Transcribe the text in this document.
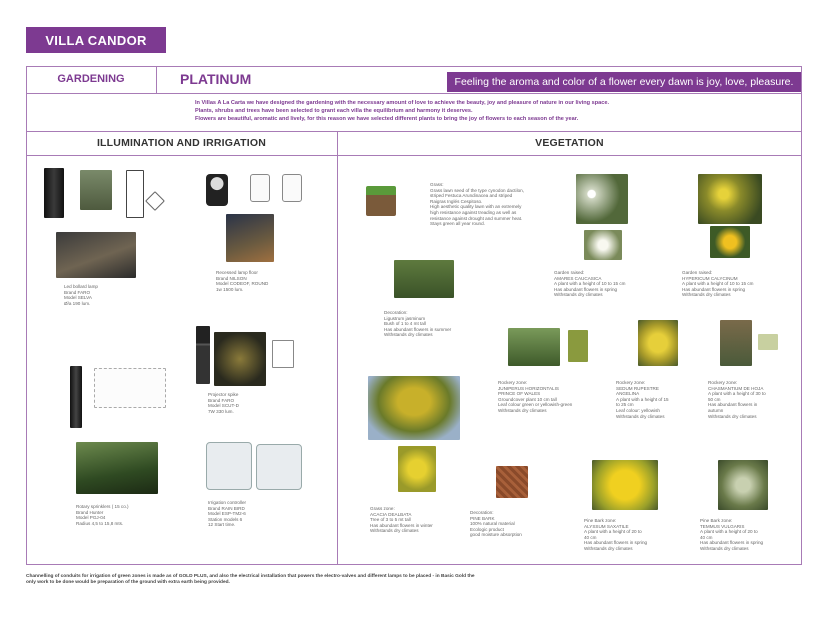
VILLA CANDOR
GARDENING	PLATINUM	Feeling the aroma and color of a flower every dawn is joy, love, pleasure.
In Villas A La Carta we have designed the gardening with the necessary amount of love to achieve the beauty, joy and pleasure of nature in our living space.
Plants, shrubs and trees have been selected to grant each villa the equilibrium and harmony it deserves.
Flowers are beautiful, aromatic and lively, for this reason we have selected different plants to bring the joy of flowers to each season of the year.
ILLUMINATION AND IRRIGATION	VEGETATION
Led bollard lamp
Brand FARO
Model SELVA
Ø/a 190 lum.
Recessed lamp floor
Brand NILSON
Model CODEOF, ROUND
1w 1500 lum.
Projector spike
Brand FARO
Model SCUT-D
7W 330 lum.
Rotary sprinklers ( 15 co.)
Brand Hunter
Model PGJ-04
Radius 4,5 to 15,8 mts.
Irrigation controller
Brand RAIN BIRD
Model ESP-TM2-6
Station models 6
12 Start time.
Grass:
Grass lawn seed of the type cynodon dactilon,
striped Festuca Arundinacea and striped
Raigras Inglés Cespitoso.
High aesthetic quality lawn with an extremely
high resistance against treading as well as
resistance against drought and summer heat.
Stays green all year round.
Decoration:
Ligustrum jasminum
Bush of 1 to 4 mt tall
Has abundant flowers in summer
Withstands dry climates
Garden raised:
AMARES CAUCASICA
A plant with a height of 10 to 15 cm
Has abundant flowers in spring
Withstands dry climates
Garden raised:
HYPERICUM CALYCINUM
A plant with a height of 10 to 15 cm
Has abundant flowers in spring
Withstands dry climates
Rockery zone:
JUNIPERUS HORIZONTALIS
PRINCE OF WALES
Groundcover plant 10 cm tall
Leaf colour green or yellowish-green
Withstands dry climates
Rockery zone:
SEDUM RUPESTRE
ANGELINA
A plant with a height of 15
to 25 cm
Leaf colour: yellowish
Withstands dry climates
Rockery zone:
CHASMANTIUM DE HOJA
A plant with a height of 30 to
50 cm
Has abundant flowers in
autumn
Withstands dry climates
Grass zone:
ACACIA DEALBATA
Tree of 3 to 5 mt tall
Has abundant flowers in winter
Withstands dry climates
Decoration:
PINE BARK
100% natural material
Ecologic product
good moisture absorption
Pine Bark zone:
ALYSSUM SAXATILE
A plant with a height of 20 to
40 cm
Has abundant flowers in spring
Withstands dry climates
Pine Bark zone:
TEMMUS VULGARIS
A plant with a height of 20 to
40 cm
Has abundant flowers in spring
Withstands dry climates
Channelling of conduits for irrigation of green zones is made as of GOLD PLUS, and also the electrical installation that powers the electro-valves and different lamps to be placed - in Basic Gold the
only work to be done would be preparation of the ground with extra earth being provided.
